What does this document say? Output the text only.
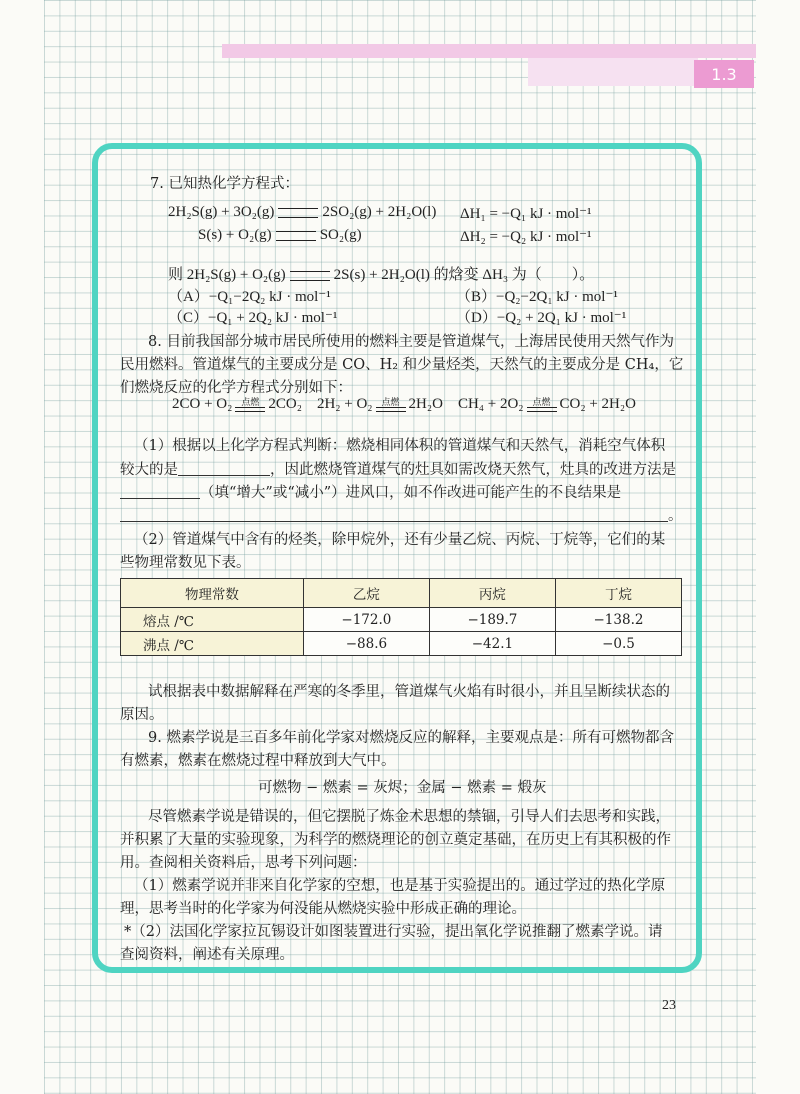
1.3
7. 已知热化学方程式：
2H₂S(g) + 3O₂(g)	2SO₂(g) + 2H₂O(l) ΔH₁ = −Q₁ kJ · mol⁻¹
S(s) + O₂(g)	SO₂(g)	ΔH₂ = −Q₂ kJ · mol⁻¹
则 2H₂S(g) + O₂(g)	2S(s) + 2H₂O(l) 的焓变 ΔH₃ 为（　　）。
（A）−Q₁−2Q₂ kJ · mol⁻¹	（B）−Q₂−2Q₁ kJ · mol⁻¹
（C）−Q₁ + 2Q₂ kJ · mol⁻¹	（D）−Q₂ + 2Q₁ kJ · mol⁻¹
8. 目前我国部分城市居民所使用的燃料主要是管道煤气，上海居民使用天然气作为
民用燃料。管道煤气的主要成分是 CO、H₂ 和少量烃类，天然气的主要成分是 CH₄，它
们燃烧反应的化学方程式分别如下：
2CO + O₂ 点燃 2CO₂ 2H₂ + O₂ 点燃 2H₂O CH₄ + 2O₂ 点燃 CO₂ + 2H₂O
（1）根据以上化学方程式判断：燃烧相同体积的管道煤气和天然气，消耗空气体积
较大的是	，因此燃烧管道煤气的灶具如需改烧天然气，灶具的改进方法是
（填“增大”或“减小”）进风口，如不作改进可能产生的不良结果是
。
（2）管道煤气中含有的烃类，除甲烷外，还有少量乙烷、丙烷、丁烷等，它们的某
些物理常数见下表。
物理常数	乙烷	丙烷	丁烷
熔点 /℃	−172.0	−189.7	−138.2
沸点 /℃	−88.6	−42.1	−0.5
试根据表中数据解释在严寒的冬季里，管道煤气火焰有时很小，并且呈断续状态的
原因。
9. 燃素学说是三百多年前化学家对燃烧反应的解释，主要观点是：所有可燃物都含
有燃素，燃素在燃烧过程中释放到大气中。
可燃物 − 燃素 = 灰烬；金属 − 燃素 = 煅灰
尽管燃素学说是错误的，但它摆脱了炼金术思想的禁锢，引导人们去思考和实践，
并积累了大量的实验现象，为科学的燃烧理论的创立奠定基础，在历史上有其积极的作
用。查阅相关资料后，思考下列问题：
（1）燃素学说并非来自化学家的空想，也是基于实验提出的。通过学过的热化学原
理，思考当时的化学家为何没能从燃烧实验中形成正确的理论。
*（2）法国化学家拉瓦锡设计如图装置进行实验，提出氧化学说推翻了燃素学说。请
查阅资料，阐述有关原理。
23
